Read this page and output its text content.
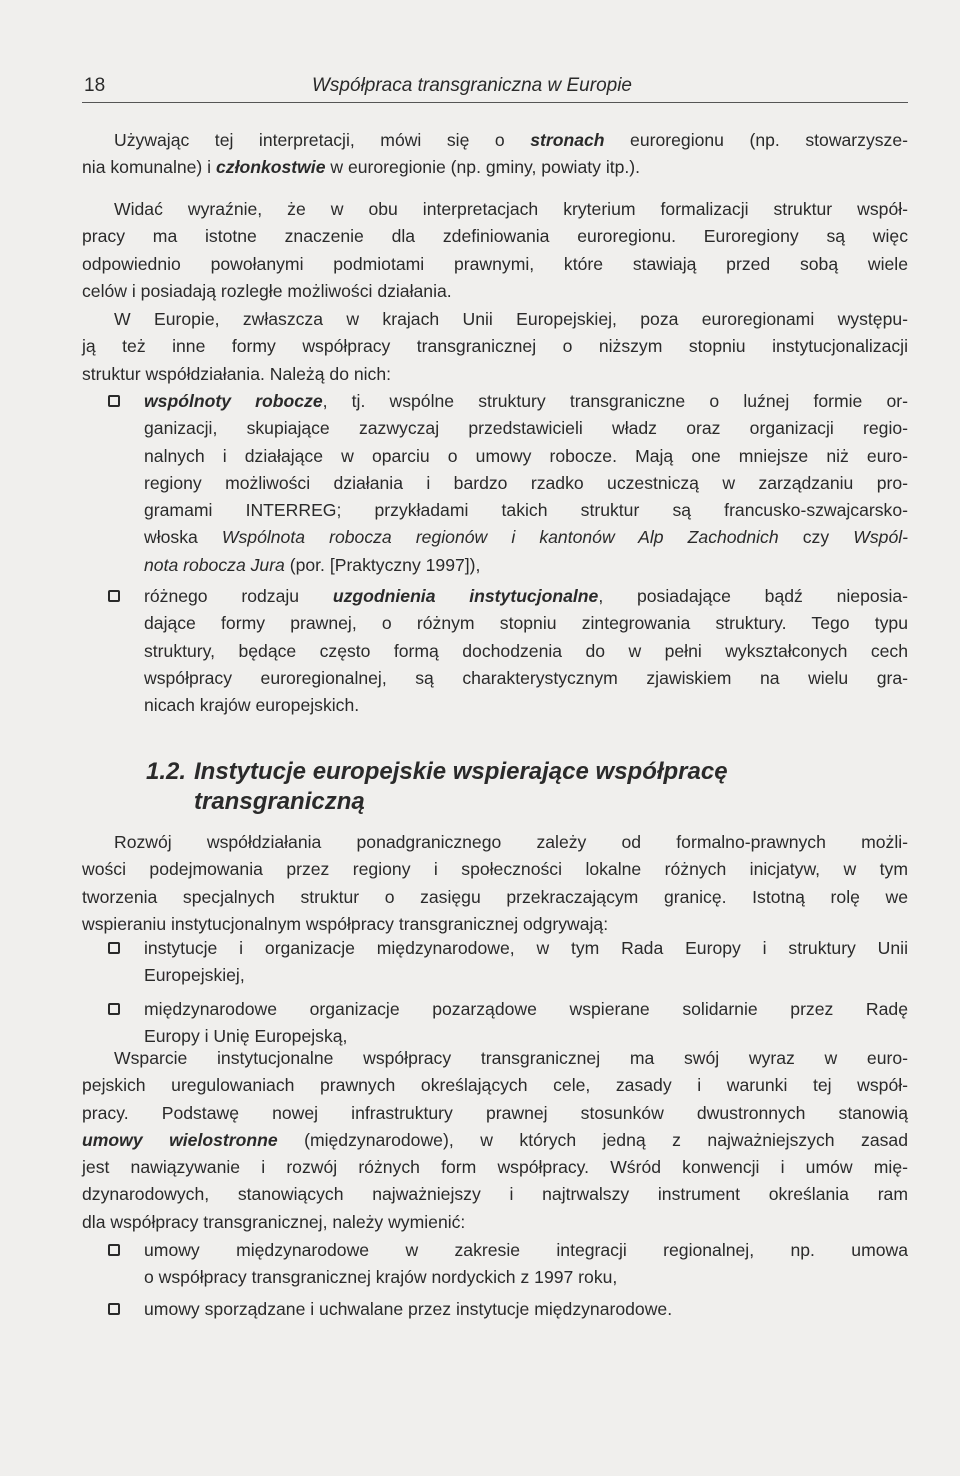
18	Współpraca transgraniczna w Europie
Używając tej interpretacji, mówi się o stronach euroregionu (np. stowarzysze-
nia komunalne) i członkostwie w euroregionie (np. gminy, powiaty itp.).
Widać wyraźnie, że w obu interpretacjach kryterium formalizacji struktur współ-
pracy ma istotne znaczenie dla zdefiniowania euroregionu. Euroregiony są więc
odpowiednio powołanymi podmiotami prawnymi, które stawiają przed sobą wiele
celów i posiadają rozległe możliwości działania.
W Europie, zwłaszcza w krajach Unii Europejskiej, poza euroregionami występu-
ją też inne formy współpracy transgranicznej o niższym stopniu instytucjonalizacji
struktur współdziałania. Należą do nich:
wspólnoty robocze, tj. wspólne struktury transgraniczne o luźnej formie or-
ganizacji, skupiające zazwyczaj przedstawicieli władz oraz organizacji regio-
nalnych i działające w oparciu o umowy robocze. Mają one mniejsze niż euro-
regiony możliwości działania i bardzo rzadko uczestniczą w zarządzaniu pro-
gramami INTERREG; przykładami takich struktur są francusko-szwajcarsko-
włoska Wspólnota robocza regionów i kantonów Alp Zachodnich czy Wspól-
nota robocza Jura (por. [Praktyczny 1997]),
różnego rodzaju uzgodnienia instytucjonalne, posiadające bądź nieposia-
dające formy prawnej, o różnym stopniu zintegrowania struktury. Tego typu
struktury, będące często formą dochodzenia do w pełni wykształconych cech
współpracy euroregionalnej, są charakterystycznym zjawiskiem na wielu gra-
nicach krajów europejskich.
1.2. Instytucje europejskie wspierające współpracę
transgraniczną
Rozwój współdziałania ponadgranicznego zależy od formalno-prawnych możli-
wości podejmowania przez regiony i społeczności lokalne różnych inicjatyw, w tym
tworzenia specjalnych struktur o zasięgu przekraczającym granicę. Istotną rolę we
wspieraniu instytucjonalnym współpracy transgranicznej odgrywają:
instytucje i organizacje międzynarodowe, w tym Rada Europy i struktury Unii
Europejskiej,
międzynarodowe organizacje pozarządowe wspierane solidarnie przez Radę
Europy i Unię Europejską,
Wsparcie instytucjonalne współpracy transgranicznej ma swój wyraz w euro-
pejskich uregulowaniach prawnych określających cele, zasady i warunki tej współ-
pracy. Podstawę nowej infrastruktury prawnej stosunków dwustronnych stanowią
umowy wielostronne (międzynarodowe), w których jedną z najważniejszych zasad
jest nawiązywanie i rozwój różnych form współpracy. Wśród konwencji i umów mię-
dzynarodowych, stanowiących najważniejszy i najtrwalszy instrument określania ram
dla współpracy transgranicznej, należy wymienić:
umowy międzynarodowe w zakresie integracji regionalnej, np. umowa
o współpracy transgranicznej krajów nordyckich z 1997 roku,
umowy sporządzane i uchwalane przez instytucje międzynarodowe.
